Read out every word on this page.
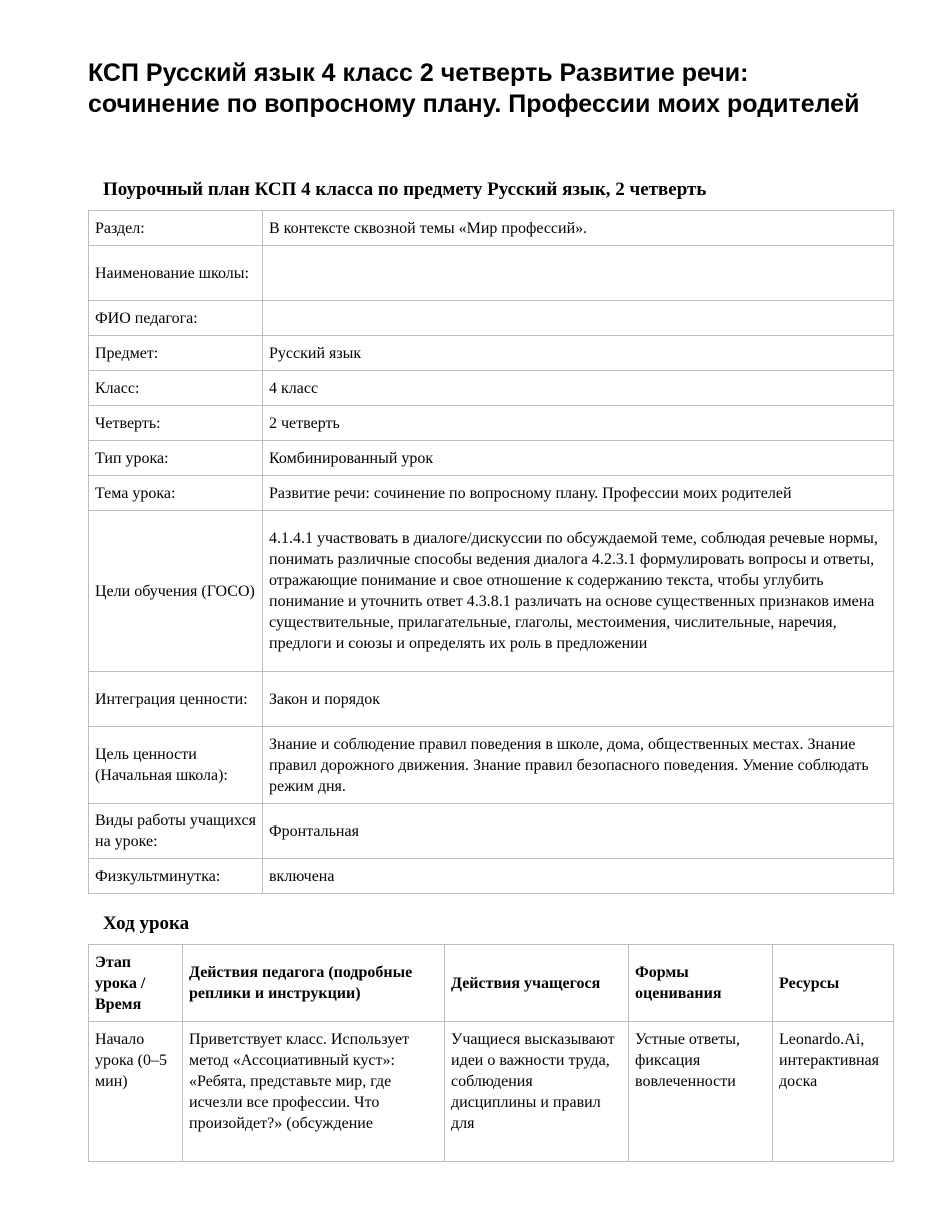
КСП Русский язык 4 класс 2 четверть Развитие речи: сочинение по вопросному плану. Профессии моих родителей
Поурочный план КСП 4 класса по предмету Русский язык, 2 четверть
Раздел:	В контексте сквозной темы «Мир профессий».
Наименование школы:	
ФИО педагога:	
Предмет:	Русский язык
Класс:	4 класс
Четверть:	2 четверть
Тип урока:	Комбинированный урок
Тема урока:	Развитие речи: сочинение по вопросному плану. Профессии моих родителей
Цели обучения (ГОСО)	4.1.4.1 участвовать в диалоге/дискуссии по обсуждаемой теме, соблюдая речевые нормы, понимать различные способы ведения диалога 4.2.3.1 формулировать вопросы и ответы, отражающие понимание и свое отношение к содержанию текста, чтобы углубить понимание и уточнить ответ 4.3.8.1 различать на основе существенных признаков имена существительные, прилагательные, глаголы, местоимения, числительные, наречия, предлоги и союзы и определять их роль в предложении
Интеграция ценности:	Закон и порядок
Цель ценности (Начальная школа):	Знание и соблюдение правил поведения в школе, дома, общественных местах. Знание правил дорожного движения. Знание правил безопасного поведения. Умение соблюдать режим дня.
Виды работы учащихся на уроке:	Фронтальная
Физкультминутка:	включена
Ход урока
Этап урока / Время	Действия педагога (подробные реплики и инструкции)	Действия учащегося	Формы оценивания	Ресурсы
Начало урока (0–5 мин)	Приветствует класс. Использует метод «Ассоциативный куст»: «Ребята, представьте мир, где исчезли все профессии. Что произойдет?» (обсуждение	Учащиеся высказывают идеи о важности труда, соблюдения дисциплины и правил для	Устные ответы, фиксация вовлеченности	Leonardo.Ai, интерактивная доска
